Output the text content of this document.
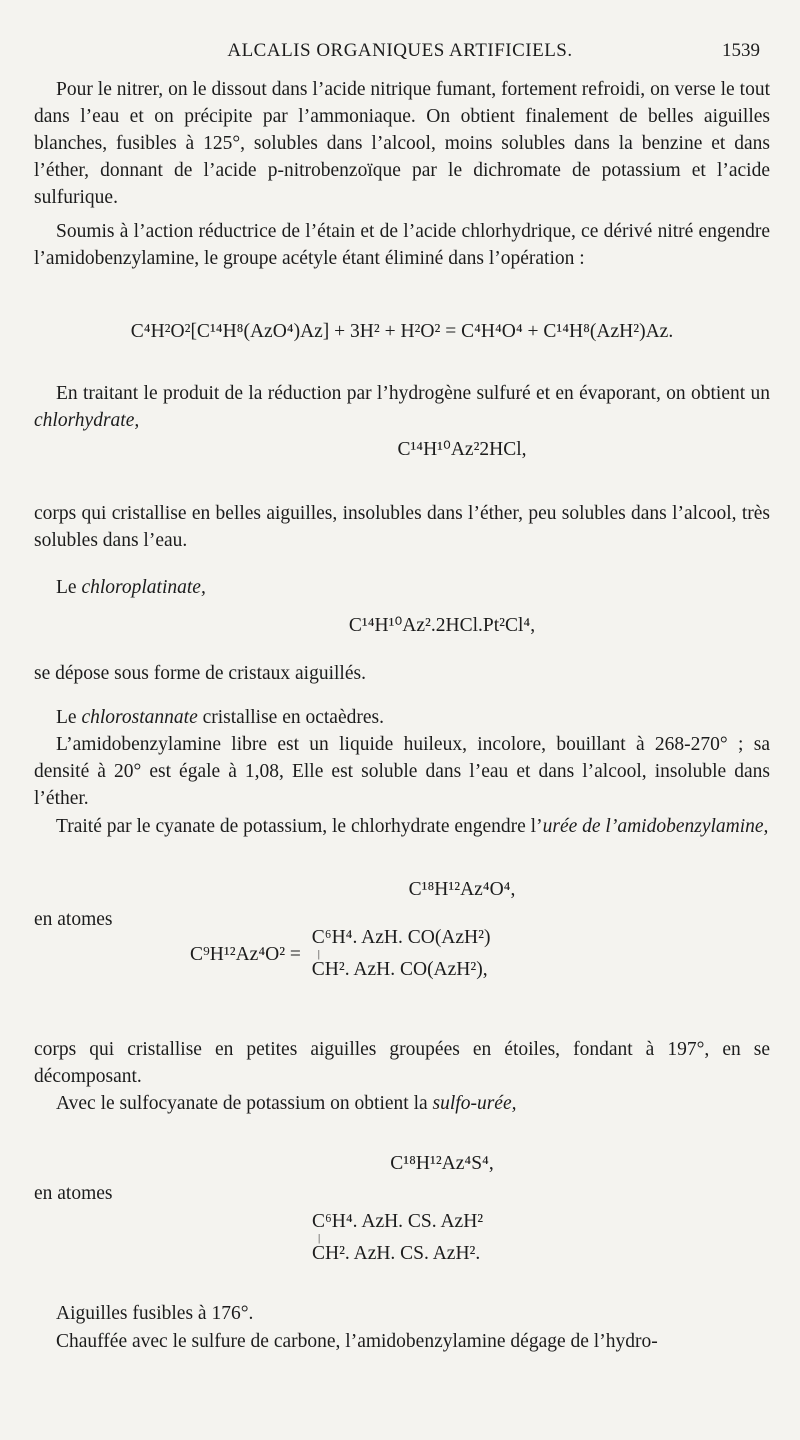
ALCALIS ORGANIQUES ARTIFICIELS.	1539

Pour le nitrer, on le dissout dans l’acide nitrique fumant, fortement refroidi, on verse le tout dans l’eau et on précipite par l’ammoniaque. On obtient finalement de belles aiguilles blanches, fusibles à 125°, solubles dans l’alcool, moins solubles dans la benzine et dans l’éther, donnant de l’acide p-nitrobenzoïque par le dichromate de potassium et l’acide sulfurique.

Soumis à l’action réductrice de l’étain et de l’acide chlorhydrique, ce dérivé nitré engendre l’amidobenzylamine, le groupe acétyle étant éliminé dans l’opération :

C⁴H²O²[C¹⁴H⁸(AzO⁴)Az] + 3H² + H²O² = C⁴H⁴O⁴ + C¹⁴H⁸(AzH²)Az.

En traitant le produit de la réduction par l’hydrogène sulfuré et en évaporant, on obtient un chlorhydrate,

C¹⁴H¹⁰Az²2HCl,

corps qui cristallise en belles aiguilles, insolubles dans l’éther, peu solubles dans l’alcool, très solubles dans l’eau.

Le chloroplatinate,

C¹⁴H¹⁰Az².2HCl.Pt²Cl⁴,

se dépose sous forme de cristaux aiguillés.

Le chlorostannate cristallise en octaèdres.

L’amidobenzylamine libre est un liquide huileux, incolore, bouillant à 268-270° ; sa densité à 20° est égale à 1,08, Elle est soluble dans l’eau et dans l’alcool, insoluble dans l’éther.

Traité par le cyanate de potassium, le chlorhydrate engendre l’urée de l’amidobenzylamine,

C¹⁸H¹²Az⁴O⁴,
en atomes
C⁹H¹²Az⁴O² =
C⁶H⁴. AzH. CO(AzH²)
|
CH². AzH. CO(AzH²),

corps qui cristallise en petites aiguilles groupées en étoiles, fondant à 197°, en se décomposant.

Avec le sulfocyanate de potassium on obtient la sulfo-urée,

C¹⁸H¹²Az⁴S⁴,
en atomes
C⁶H⁴. AzH. CS. AzH²
|
CH². AzH. CS. AzH².

Aiguilles fusibles à 176°.

Chauffée avec le sulfure de carbone, l’amidobenzylamine dégage de l’hydro-
